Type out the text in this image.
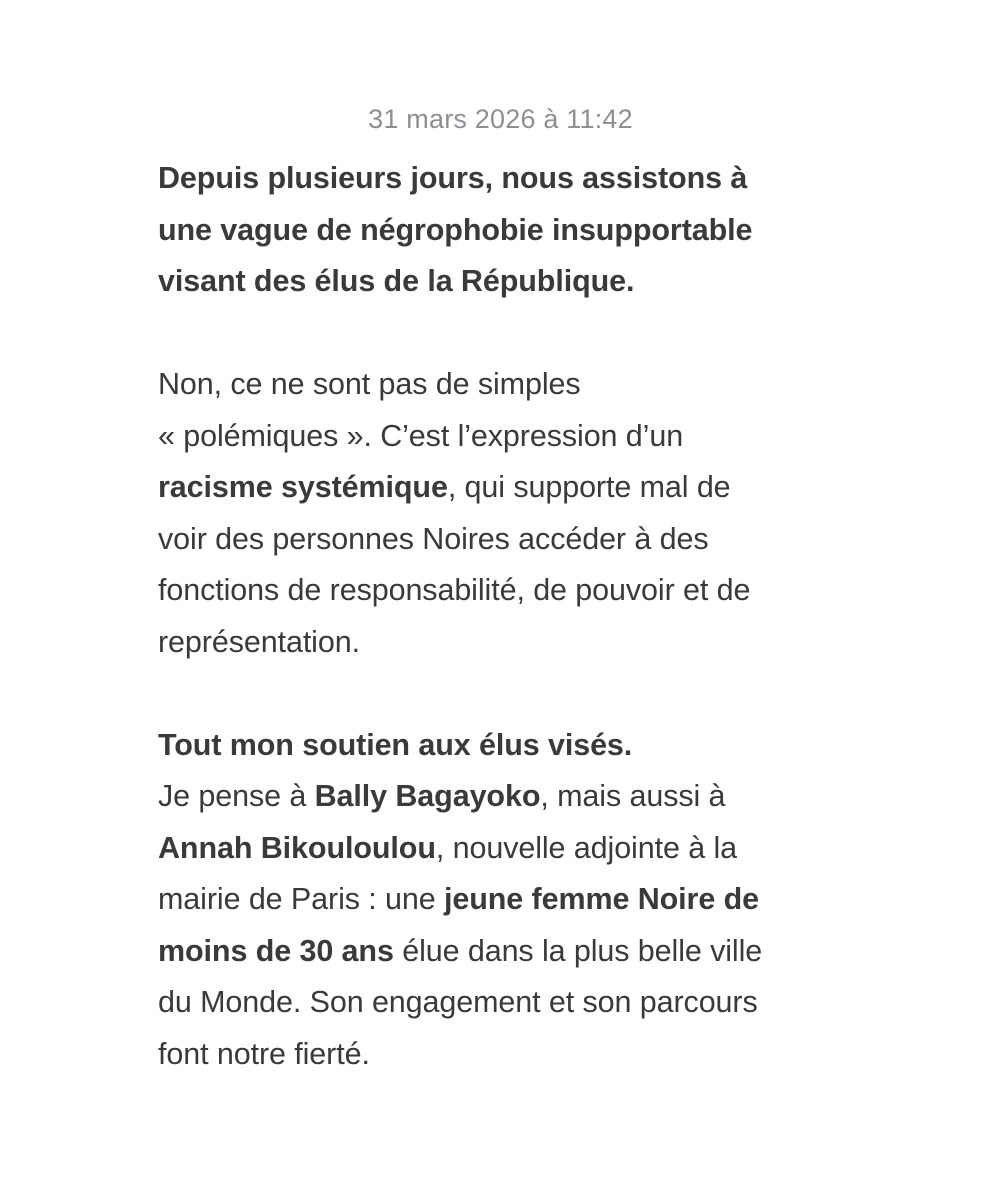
31 mars 2026 à 11:42

Depuis plusieurs jours, nous assistons à
une vague de négrophobie insupportable
visant des élus de la République.

Non, ce ne sont pas de simples
« polémiques ». C’est l’expression d’un
racisme systémique, qui supporte mal de
voir des personnes Noires accéder à des
fonctions de responsabilité, de pouvoir et de
représentation.

Tout mon soutien aux élus visés.
Je pense à Bally Bagayoko, mais aussi à
Annah Bikouloulou, nouvelle adjointe à la
mairie de Paris : une jeune femme Noire de
moins de 30 ans élue dans la plus belle ville
du Monde. Son engagement et son parcours
font notre fierté.
